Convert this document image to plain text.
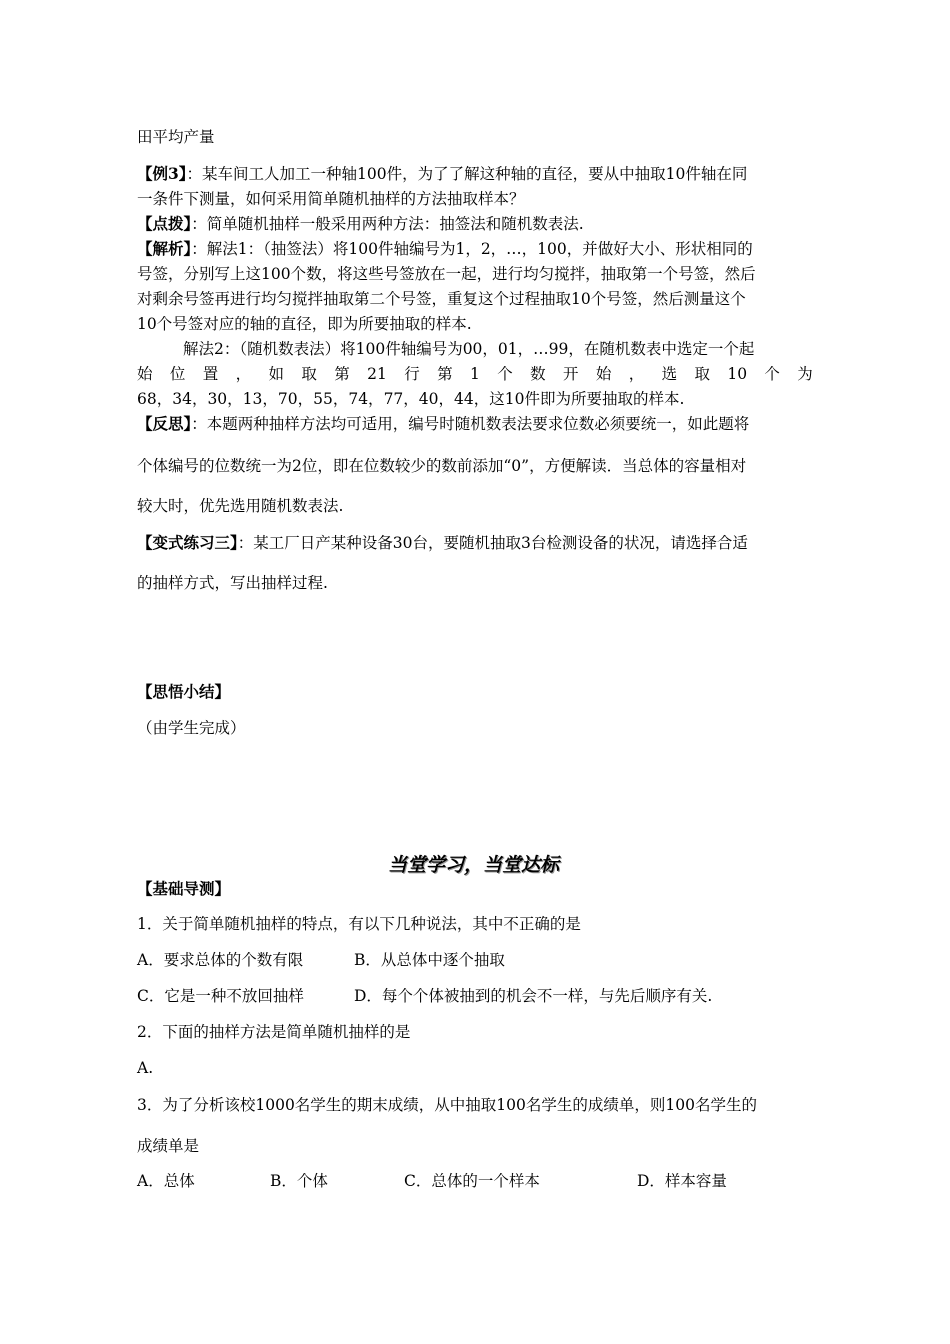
田平均产量
【例3】：某车间工人加工一种轴100件，为了了解这种轴的直径，要从中抽取10件轴在同
一条件下测量，如何采用简单随机抽样的方法抽取样本？
【点拨】：简单随机抽样一般采用两种方法：抽签法和随机数表法.
【解析】：解法1：（抽签法）将100件轴编号为1，2，…，100，并做好大小、形状相同的
号签，分别写上这100个数，将这些号签放在一起，进行均匀搅拌，抽取第一个号签，然后
对剩余号签再进行均匀搅拌抽取第二个号签，重复这个过程抽取10个号签，然后测量这个
10个号签对应的轴的直径，即为所要抽取的样本.
解法2：（随机数表法）将100件轴编号为00，01，…99，在随机数表中选定一个起
始 位 置 ， 如 取 第 21 行 第 1 个 数 开 始 ， 选 取 10 个 为
68，34，30，13，70，55，74，77，40，44，这10件即为所要抽取的样本.
【反思】：本题两种抽样方法均可适用，编号时随机数表法要求位数必须要统一，如此题将
个体编号的位数统一为2位，即在位数较少的数前添加“0”，方便解读．当总体的容量相对
较大时，优先选用随机数表法.
【变式练习三】：某工厂日产某种设备30台，要随机抽取3台检测设备的状况，请选择合适
的抽样方式，写出抽样过程.
【思悟小结】
（由学生完成）
当堂学习，当堂达标
【基础导测】
1．关于简单随机抽样的特点，有以下几种说法，其中不正确的是
A．要求总体的个数有限	B．从总体中逐个抽取
C．它是一种不放回抽样	D．每个个体被抽到的机会不一样，与先后顺序有关.
2．下面的抽样方法是简单随机抽样的是
A.
3．为了分析该校1000名学生的期末成绩，从中抽取100名学生的成绩单，则100名学生的
成绩单是
A．总体	B．个体	C．总体的一个样本	D．样本容量
